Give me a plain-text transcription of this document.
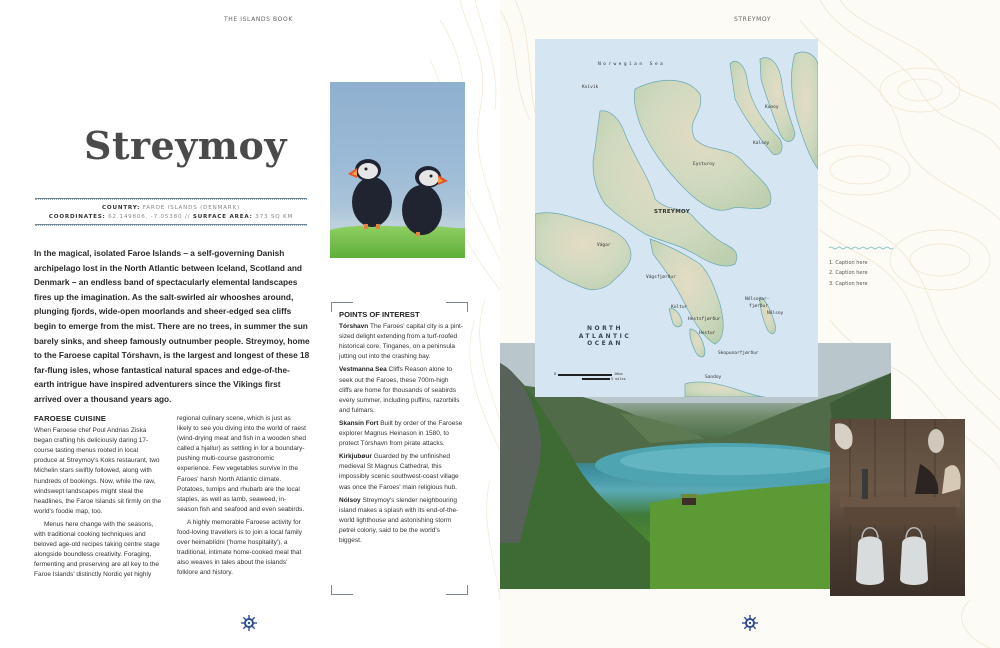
THE ISLANDS BOOK
Streymoy
COUNTRY: FAROE ISLANDS (DENMARK)
COORDINATES: 62.149806, -7.05380 // SURFACE AREA: 373 SQ KM

In the magical, isolated Faroe Islands – a self-governing Danish archipelago lost in the North Atlantic between Iceland, Scotland and Denmark – an endless band of spectacularly elemental landscapes fires up the imagination. As the salt-swirled air whooshes around, plunging fjords, wide-open moorlands and sheer-edged sea cliffs begin to emerge from the mist. There are no trees, in summer the sun barely sinks, and sheep famously outnumber people. Streymoy, home to the Faroese capital Tórshavn, is the largest and longest of these 18 far-flung isles, whose fantastical natural spaces and edge-of-the-earth intrigue have inspired adventurers since the Vikings first arrived over a thousand years ago.

FAROESE CUISINE

When Faroese chef Poul Andrias Ziska began crafting his deliciously daring 17-course tasting menus rooted in local produce at Streymoy's Koks restaurant, two Michelin stars swiftly followed, along with hundreds of bookings. Now, while the raw, windswept landscapes might steal the headlines, the Faroe Islands sit firmly on the world's foodie map, too.

Menus here change with the seasons, with traditional cooking techniques and beloved age-old recipes taking centre stage alongside boundless creativity. Foraging, fermenting and preserving are all key to the Faroe Islands' distinctly Nordic yet highly

regional culinary scene, which is just as likely to see you diving into the world of raest (wind-drying meat and fish in a wooden shed called a hjallur) as settling in for a boundary-pushing multi-course gastronomic experience. Few vegetables survive in the Faroes' harsh North Atlantic climate. Potatoes, turnips and rhubarb are the local staples, as well as lamb, seaweed, in-season fish and seafood and even seabirds.

A highly memorable Faroese activity for food-loving travellers is to join a local family over heimablídni ('home hospitality'), a traditional, intimate home-cooked meal that also weaves in tales about the islands' folklore and history.

POINTS OF INTEREST
Tórshavn The Faroes' capital city is a pint-sized delight extending from a turf-roofed historical core, Tinganes, on a peninsula jutting out into the crashing bay.
Vestmanna Sea Cliffs Reason alone to seek out the Faroes, these 700m-high cliffs are home for thousands of seabirds every summer, including puffins, razorbills and fulmars.
Skansin Fort Built by order of the Faroese explorer Magnus Heinason in 1580, to protect Tórshavn from pirate attacks.
Kirkjubøur Guarded by the unfinished medieval St Magnus Cathedral, this impossibly scenic southwest-coast village was once the Faroes' main religious hub.
Nólsoy Streymoy's slender neighbouring island makes a splash with its end-of-the-world lighthouse and astonishing storm petrel colony, said to be the world's biggest.
STREYMOY
1. Caption here
2. Caption here
3. Caption here
Norwegian Sea
Kunoy
Kalsoy
Eysturoy
Kvívík
STREYMOY
Vágar
Vágsfjørður
Nólsoyar-
fjørður
Nólsoy
Koltur
Hestsfjørður
Hestur
Skopunarfjørður
Sandoy
NORTH
ATLANTIC
OCEAN
0	10km
5 miles
